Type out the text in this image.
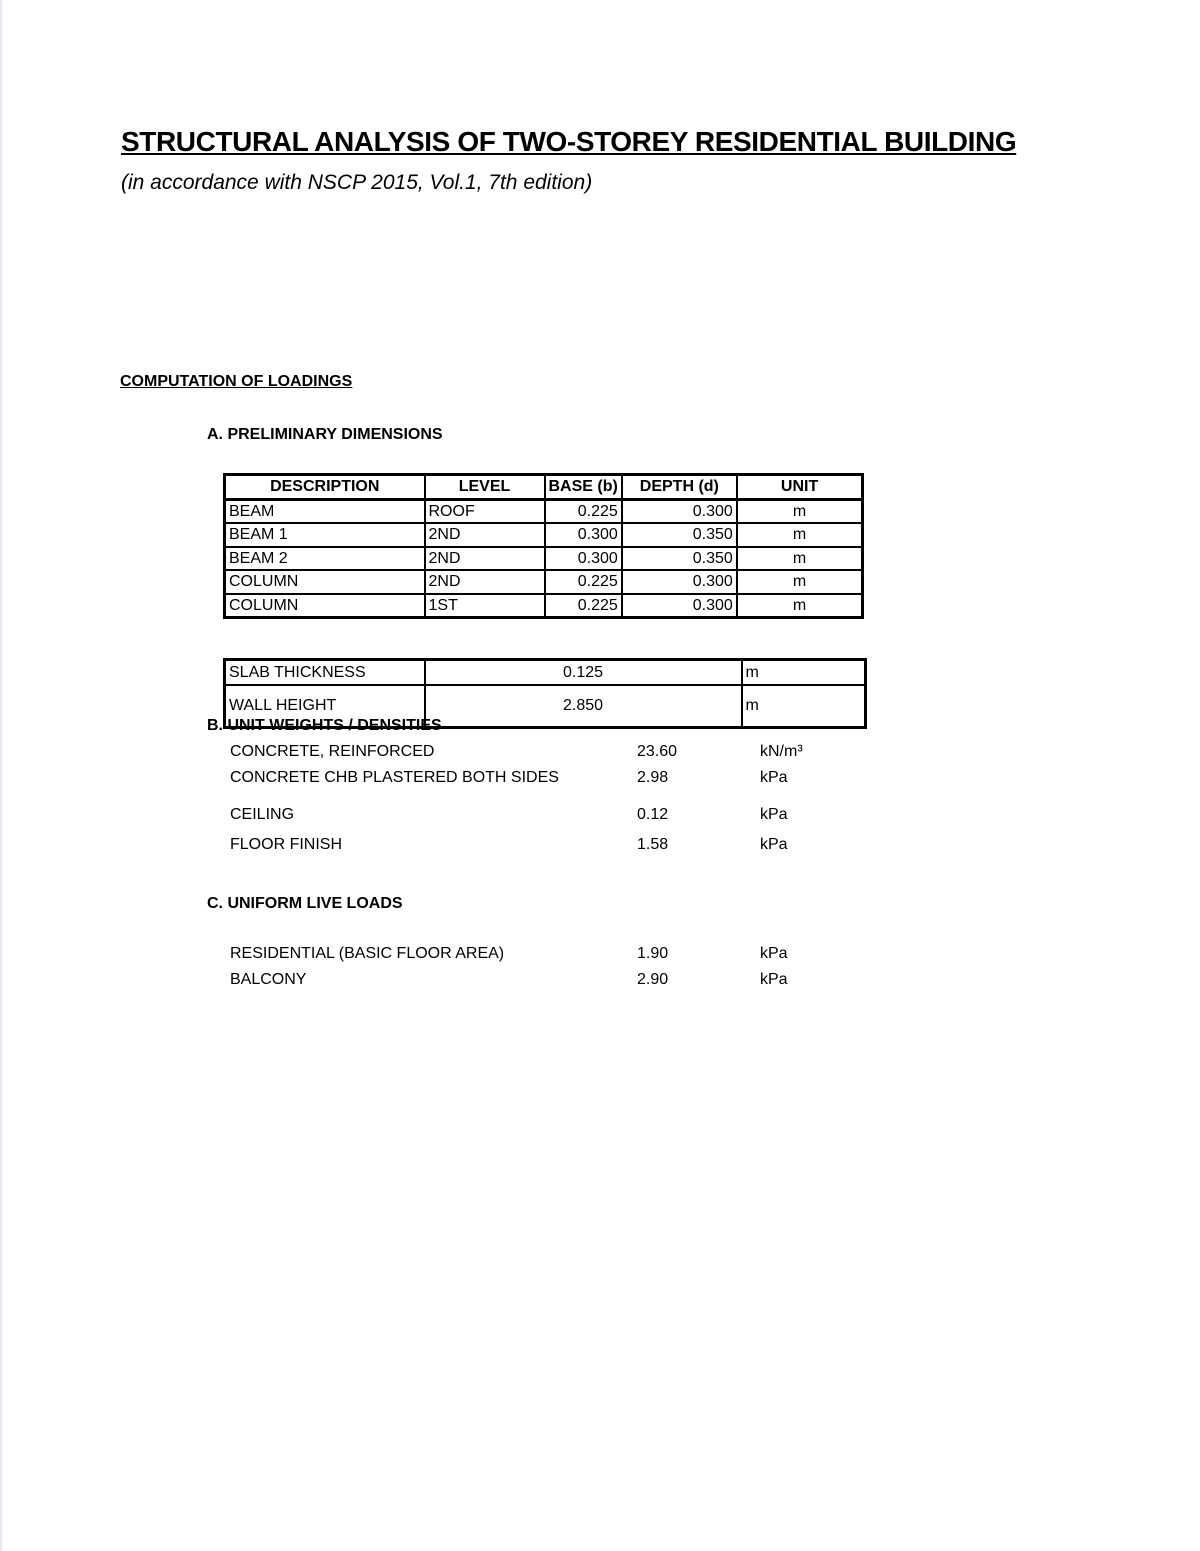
STRUCTURAL ANALYSIS OF TWO-STOREY RESIDENTIAL BUILDING
(in accordance with NSCP 2015, Vol.1, 7th edition)
COMPUTATION OF LOADINGS
A. PRELIMINARY DIMENSIONS
DESCRIPTION	LEVEL	BASE (b)	DEPTH (d)	UNIT
BEAM	ROOF	0.225	0.300	m
BEAM 1	2ND	0.300	0.350	m
BEAM 2	2ND	0.300	0.350	m
COLUMN	2ND	0.225	0.300	m
COLUMN	1ST	0.225	0.300	m
SLAB THICKNESS	0.125	m
WALL HEIGHT	2.850	m
B. UNIT WEIGHTS / DENSITIES
CONCRETE, REINFORCED	23.60	kN/m³
CONCRETE CHB PLASTERED BOTH SIDES	2.98	kPa
CEILING	0.12	kPa
FLOOR FINISH	1.58	kPa
C. UNIFORM LIVE LOADS
RESIDENTIAL (BASIC FLOOR AREA)	1.90	kPa
BALCONY	2.90	kPa
